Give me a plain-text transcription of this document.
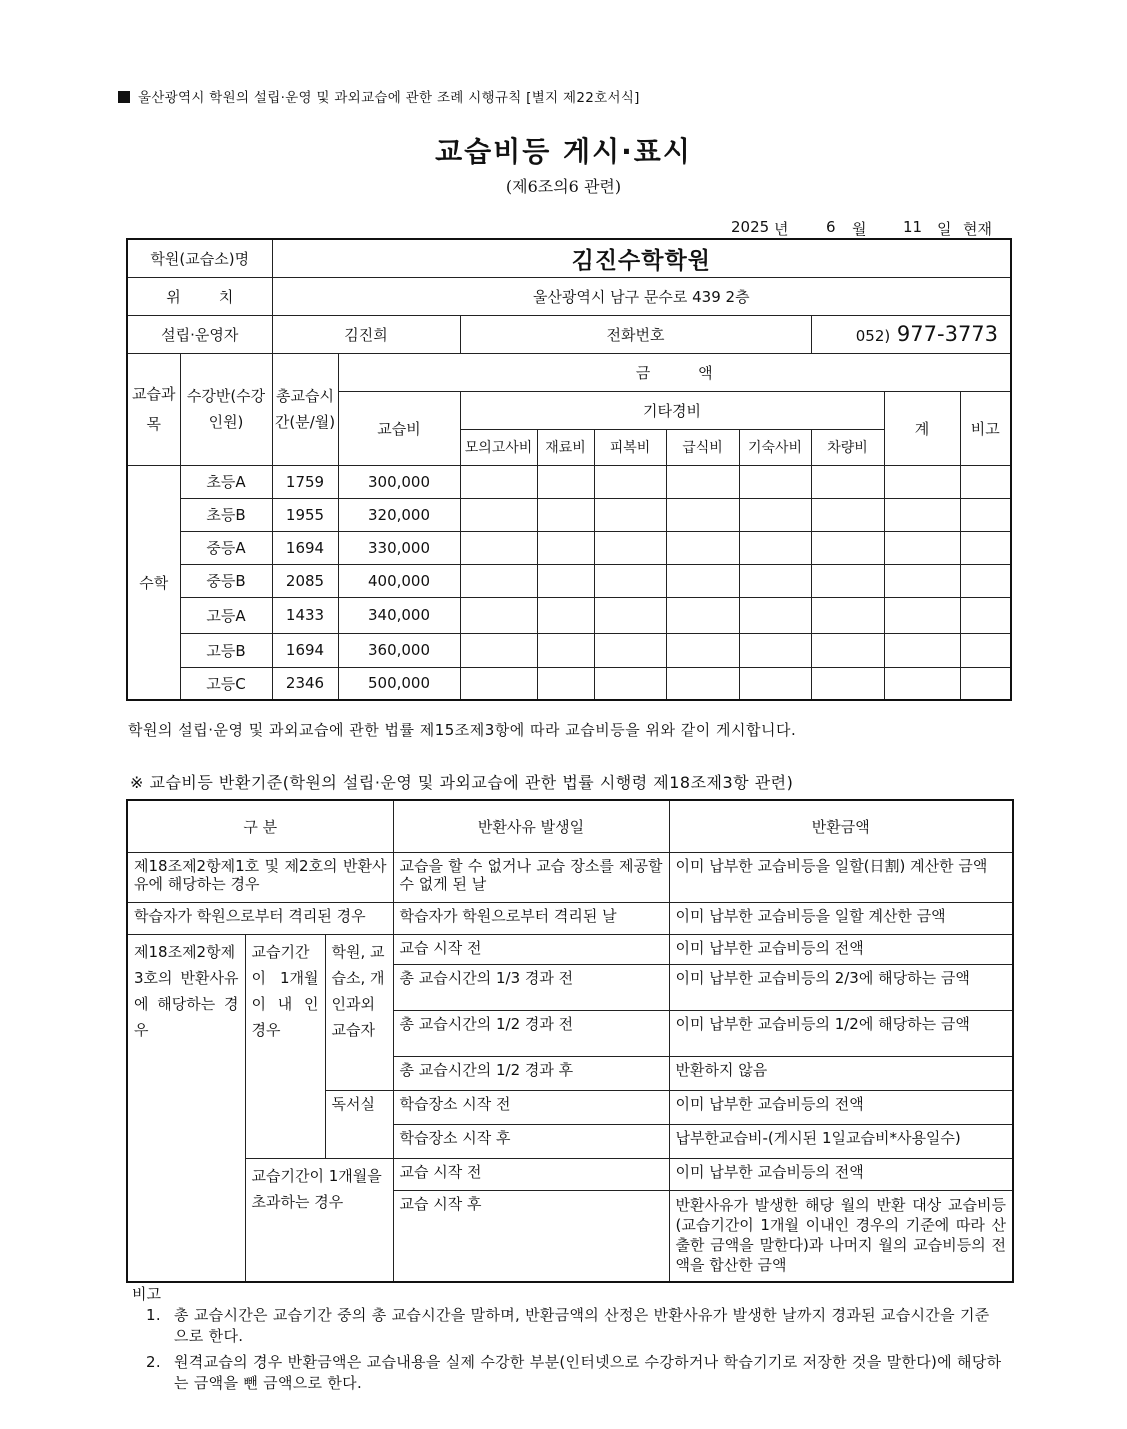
울산광역시 학원의 설립·운영 및 과외교습에 관한 조례 시행규칙 [별지 제22호서식]
교습비등 게시·표시
(제6조의6 관련)
2025 년	6 월 11 일 현재
학원(교습소)명		김진수학학원									
위        치		울산광역시 남구 문수로 439 2층									
설립·운영자		김진희		전화번호					052) 977-3773		
교습과목	수강반(수강인원)	총교습시간(분/월)	금          액								
			교습비	기타경비						계	비고
				모의고사비	재료비	피복비	급식비	기숙사비	차량비		
수학	초등A	1759	300,000								
	초등B	1955	320,000								
	중등A	1694	330,000								
	중등B	2085	400,000								
	고등A	1433	340,000								
	고등B	1694	360,000								
	고등C	2346	500,000								
학원의 설립·운영 및 과외교습에 관한 법률 제15조제3항에 따라 교습비등을 위와 같이 게시합니다.
※ 교습비등 반환기준(학원의 설립·운영 및 과외교습에 관한 법률 시행령 제18조제3항 관련)
구 분			반환사유 발생일	반환금액
제18조제2항제1호 및 제2호의 반환사유에 해당하는 경우			교습을 할 수 없거나 교습 장소를 제공할 수 없게 된 날	이미 납부한 교습비등을 일할(日割) 계산한 금액
학습자가 학원으로부터 격리된 경우			학습자가 학원으로부터 격리된 날	이미 납부한 교습비등을 일할 계산한 금액
제18조제2항제3호의 반환사유에 해당하는 경우	교습기간이 1개월 이 내 인 경우	학원, 교습소, 개인과외교습자	교습 시작 전	이미 납부한 교습비등의 전액
			총 교습시간의 1/3 경과 전	이미 납부한 교습비등의 2/3에 해당하는 금액
			총 교습시간의 1/2 경과 전	이미 납부한 교습비등의 1/2에 해당하는 금액
			총 교습시간의 1/2 경과 후	반환하지 않음
		독서실	학습장소 시작 전	이미 납부한 교습비등의 전액
			학습장소 시작 후	납부한교습비-(게시된 1일교습비*사용일수)
	교습기간이 1개월을 초과하는 경우		교습 시작 전	이미 납부한 교습비등의 전액
			교습 시작 후	반환사유가 발생한 해당 월의 반환 대상 교습비등(교습기간이 1개월 이내인 경우의 기준에 따라 산출한 금액을 말한다)과 나머지 월의 교습비등의 전액을 합산한 금액
비고
1. 총 교습시간은 교습기간 중의 총 교습시간을 말하며, 반환금액의 산정은 반환사유가 발생한 날까지 경과된 교습시간을 기준으로 한다.
2. 원격교습의 경우 반환금액은 교습내용을 실제 수강한 부분(인터넷으로 수강하거나 학습기기로 저장한 것을 말한다)에 해당하는 금액을 뺀 금액으로 한다.
